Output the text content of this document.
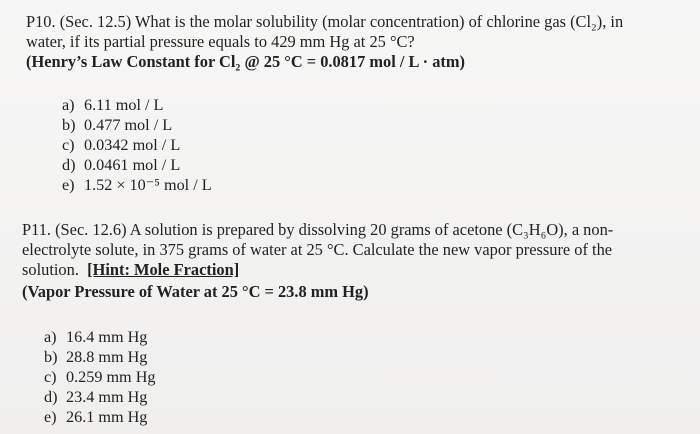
P10. (Sec. 12.5) What is the molar solubility (molar concentration) of chlorine gas (Cl₂), in
water, if its partial pressure equals to 429 mm Hg at 25 °C?
(Henry’s Law Constant for Cl₂ @ 25 °C = 0.0817 mol / L · atm)
a) 6.11 mol / L
b) 0.477 mol / L
c) 0.0342 mol / L
d) 0.0461 mol / L
e) 1.52 × 10⁻⁵ mol / L
P11. (Sec. 12.6) A solution is prepared by dissolving 20 grams of acetone (C₃H₆O), a non-
electrolyte solute, in 375 grams of water at 25 °C. Calculate the new vapor pressure of the
solution. [Hint: Mole Fraction]
(Vapor Pressure of Water at 25 °C = 23.8 mm Hg)
a) 16.4 mm Hg
b) 28.8 mm Hg
c) 0.259 mm Hg
d) 23.4 mm Hg
e) 26.1 mm Hg
